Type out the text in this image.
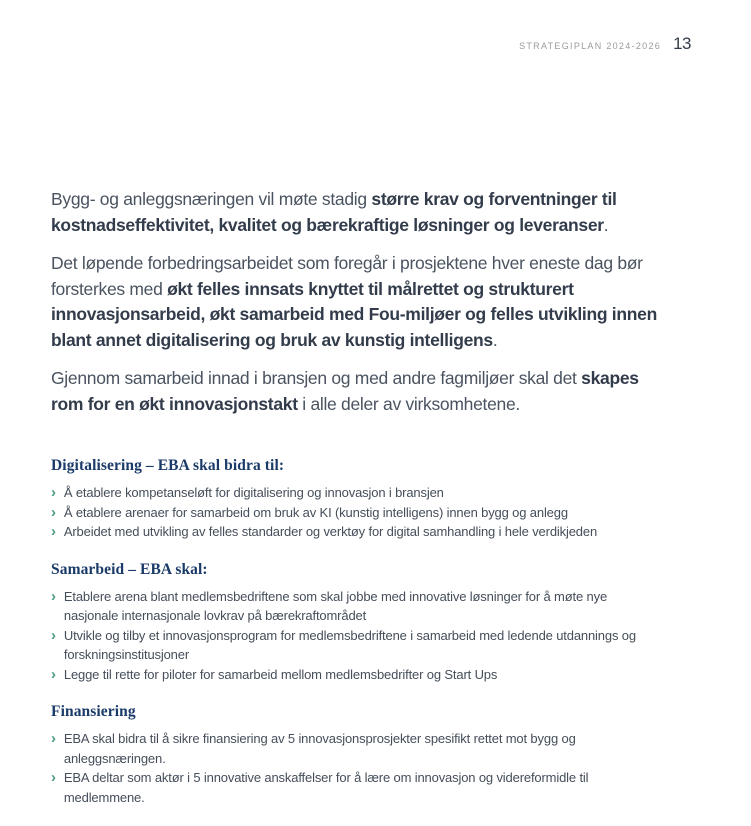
STRATEGIPLAN 2024-2026 13

Bygg- og anleggsnæringen vil møte stadig større krav og forventninger til kostnadseffektivitet, kvalitet og bærekraftige løsninger og leveranser.

Det løpende forbedringsarbeidet som foregår i prosjektene hver eneste dag bør forsterkes med økt felles innsats knyttet til målrettet og strukturert innovasjonsarbeid, økt samarbeid med Fou-miljøer og felles utvikling innen blant annet digitalisering og bruk av kunstig intelligens.

Gjennom samarbeid innad i bransjen og med andre fagmiljøer skal det skapes rom for en økt innovasjonstakt i alle deler av virksomhetene.

Digitalisering – EBA skal bidra til:
› Å etablere kompetanseløft for digitalisering og innovasjon i bransjen
› Å etablere arenaer for samarbeid om bruk av KI (kunstig intelligens) innen bygg og anlegg
› Arbeidet med utvikling av felles standarder og verktøy for digital samhandling i hele verdikjeden
Samarbeid – EBA skal:
› Etablere arena blant medlemsbedriftene som skal jobbe med innovative løsninger for å møte nye nasjonale internasjonale lovkrav på bærekraftområdet
› Utvikle og tilby et innovasjonsprogram for medlemsbedriftene i samarbeid med ledende utdannings og forskningsinstitusjoner
› Legge til rette for piloter for samarbeid mellom medlemsbedrifter og Start Ups
Finansiering
› EBA skal bidra til å sikre finansiering av 5 innovasjonsprosjekter spesifikt rettet mot bygg og anleggsnæringen.
› EBA deltar som aktør i 5 innovative anskaffelser for å lære om innovasjon og videreformidle til medlemmene.
